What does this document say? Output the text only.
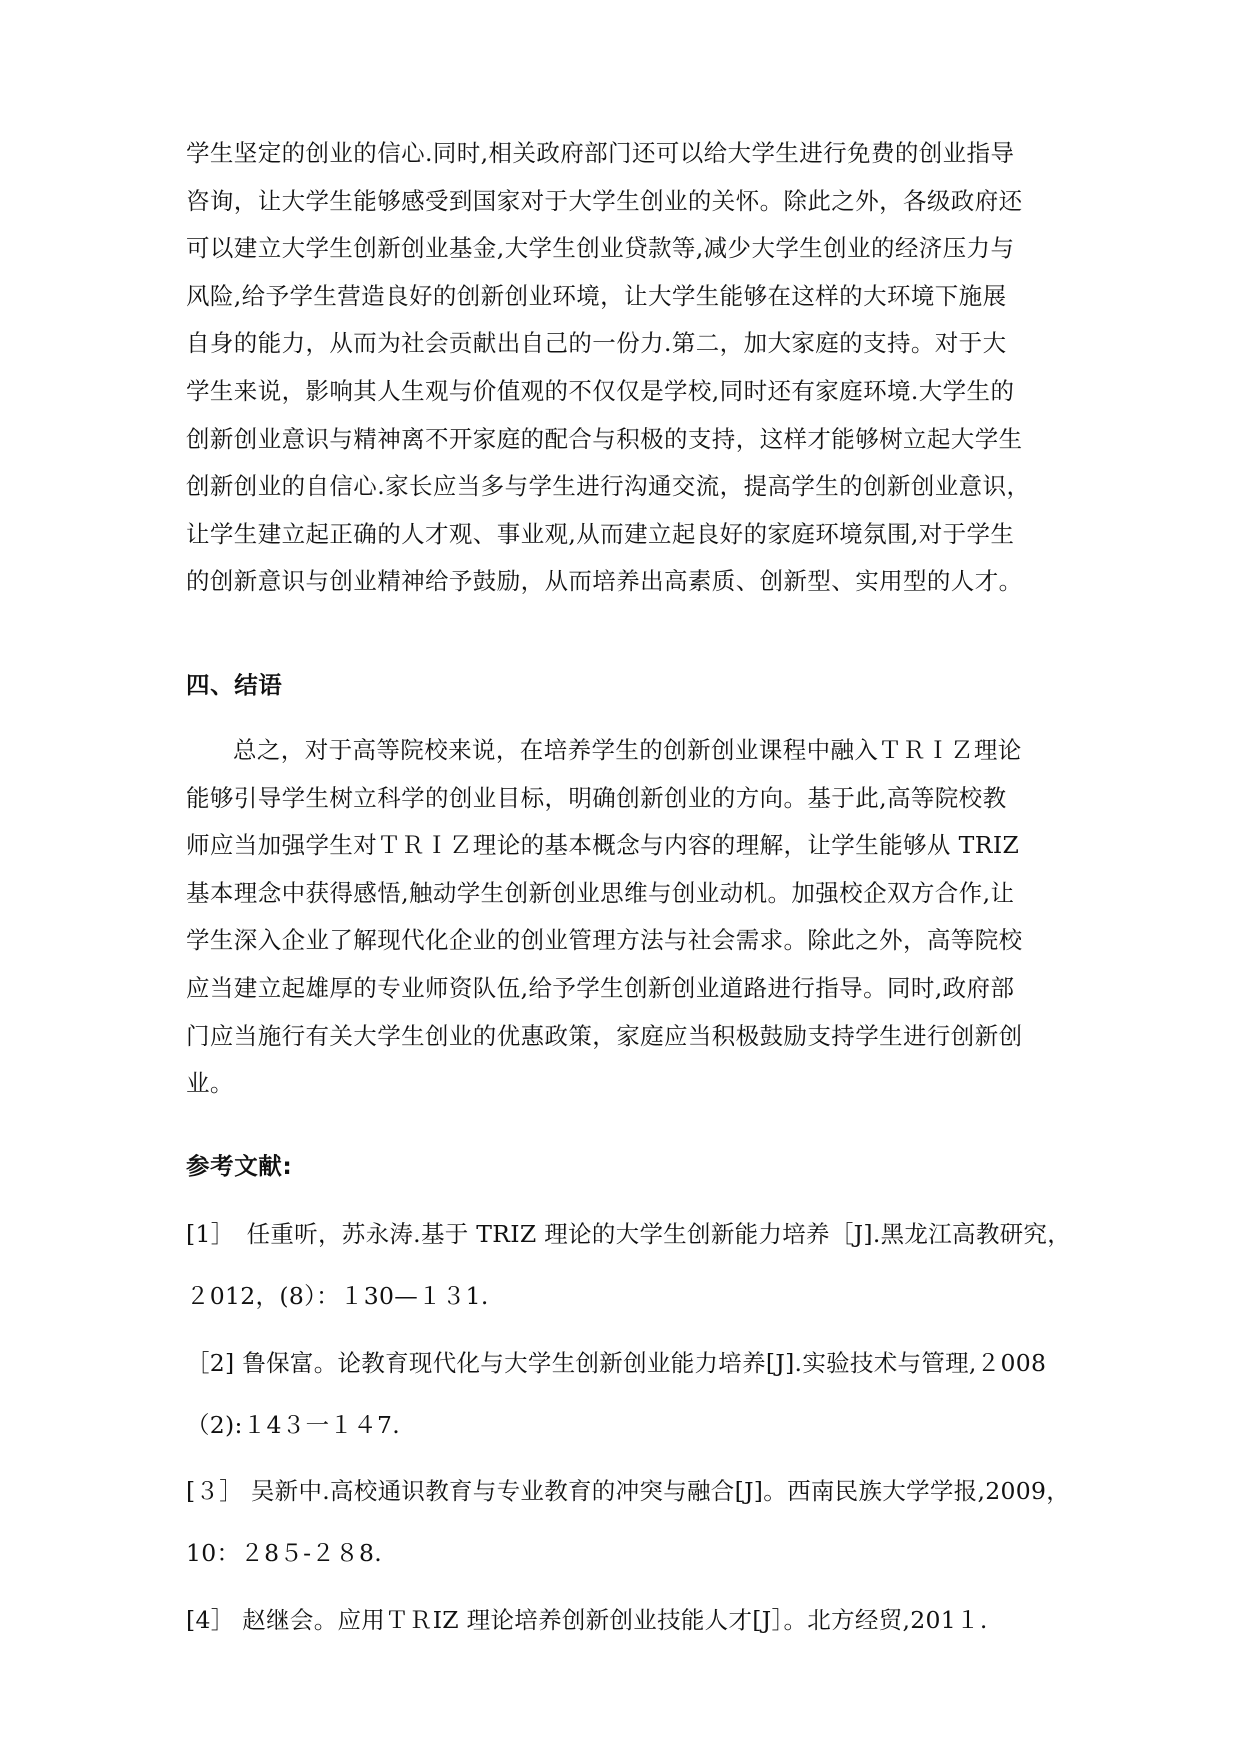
学生坚定的创业的信心.同时,相关政府部门还可以给大学生进行免费的创业指导
咨询，让大学生能够感受到国家对于大学生创业的关怀。除此之外，各级政府还
可以建立大学生创新创业基金,大学生创业贷款等,减少大学生创业的经济压力与
风险,给予学生营造良好的创新创业环境，让大学生能够在这样的大环境下施展
自身的能力，从而为社会贡献出自己的一份力.第二，加大家庭的支持。对于大
学生来说，影响其人生观与价值观的不仅仅是学校,同时还有家庭环境.大学生的
创新创业意识与精神离不开家庭的配合与积极的支持，这样才能够树立起大学生
创新创业的自信心.家长应当多与学生进行沟通交流，提高学生的创新创业意识，
让学生建立起正确的人才观、事业观,从而建立起良好的家庭环境氛围,对于学生
的创新意识与创业精神给予鼓励，从而培养出高素质、创新型、实用型的人才。
四、结语
总之，对于高等院校来说，在培养学生的创新创业课程中融入ＴＲＩＺ理论
能够引导学生树立科学的创业目标，明确创新创业的方向。基于此,高等院校教
师应当加强学生对ＴＲＩＺ理论的基本概念与内容的理解，让学生能够从 TRIZ
基本理念中获得感悟,触动学生创新创业思维与创业动机。加强校企双方合作,让
学生深入企业了解现代化企业的创业管理方法与社会需求。除此之外，高等院校
应当建立起雄厚的专业师资队伍,给予学生创新创业道路进行指导。同时,政府部
门应当施行有关大学生创业的优惠政策，家庭应当积极鼓励支持学生进行创新创
业。
参考文献:
[1］　任重听，苏永涛.基于 TRIZ 理论的大学生创新能力培养［J].黑龙江高教研究，
２012，(8）：１30—１３1.
［2] 鲁保富。论教育现代化与大学生创新创业能力培养[J].实验技术与管理,２008
（2):１4３一１４7.
[３］ 吴新中.高校通识教育与专业教育的冲突与融合[J]。西南民族大学学报,2009，
10：２8５-２８8.
[4］ 赵继会。应用ＴＲIZ 理论培养创新创业技能人才[J］。北方经贸,201１.
